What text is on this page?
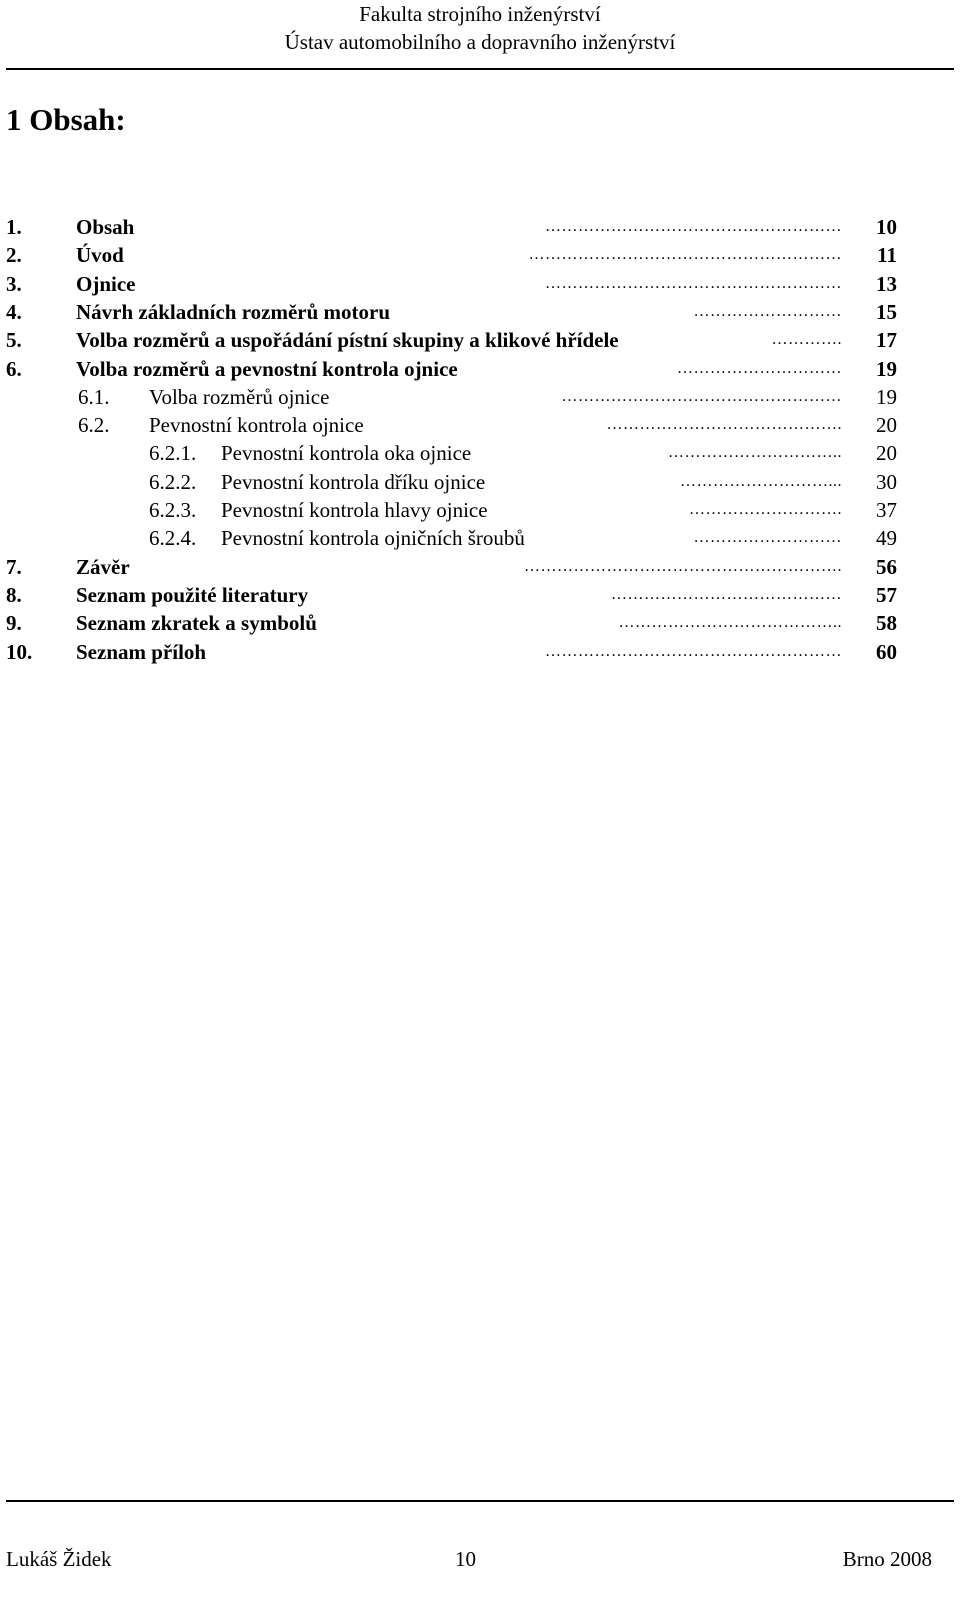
Fakulta strojního inženýrství
Ústav automobilního a dopravního inženýrství
1 Obsah:
1.	Obsah	……………………………………………… 10
2.	Úvod	………………………………………………… 11
3.	Ojnice	……………………………………………… 13
4.	Návrh základních rozměrů motoru	……………………… 15
5.	Volba rozměrů a uspořádání pístní skupiny a klikové hřídele	…………. 17
6.	Volba rozměrů a pevnostní kontrola ojnice	………………………… 19
6.1. Volba rozměrů ojnice	…………………………………………… 19
6.2. Pevnostní kontrola ojnice	……………………………………. 20
6.2.1. Pevnostní kontrola oka ojnice	………………………….. 20
6.2.2. Pevnostní kontrola dříku ojnice	………………………... 30
6.2.3. Pevnostní kontrola hlavy ojnice	………………………. 37
6.2.4. Pevnostní kontrola ojničních šroubů	……………………… 49
7.	Závěr	…………………………………………………. 56
8.	Seznam použité literatury	…………………………………… 57
9.	Seznam zkratek a symbolů	………………………………….. 58
10. Seznam příloh	……………………………………………… 60
Lukáš Židek	10	Brno 2008
